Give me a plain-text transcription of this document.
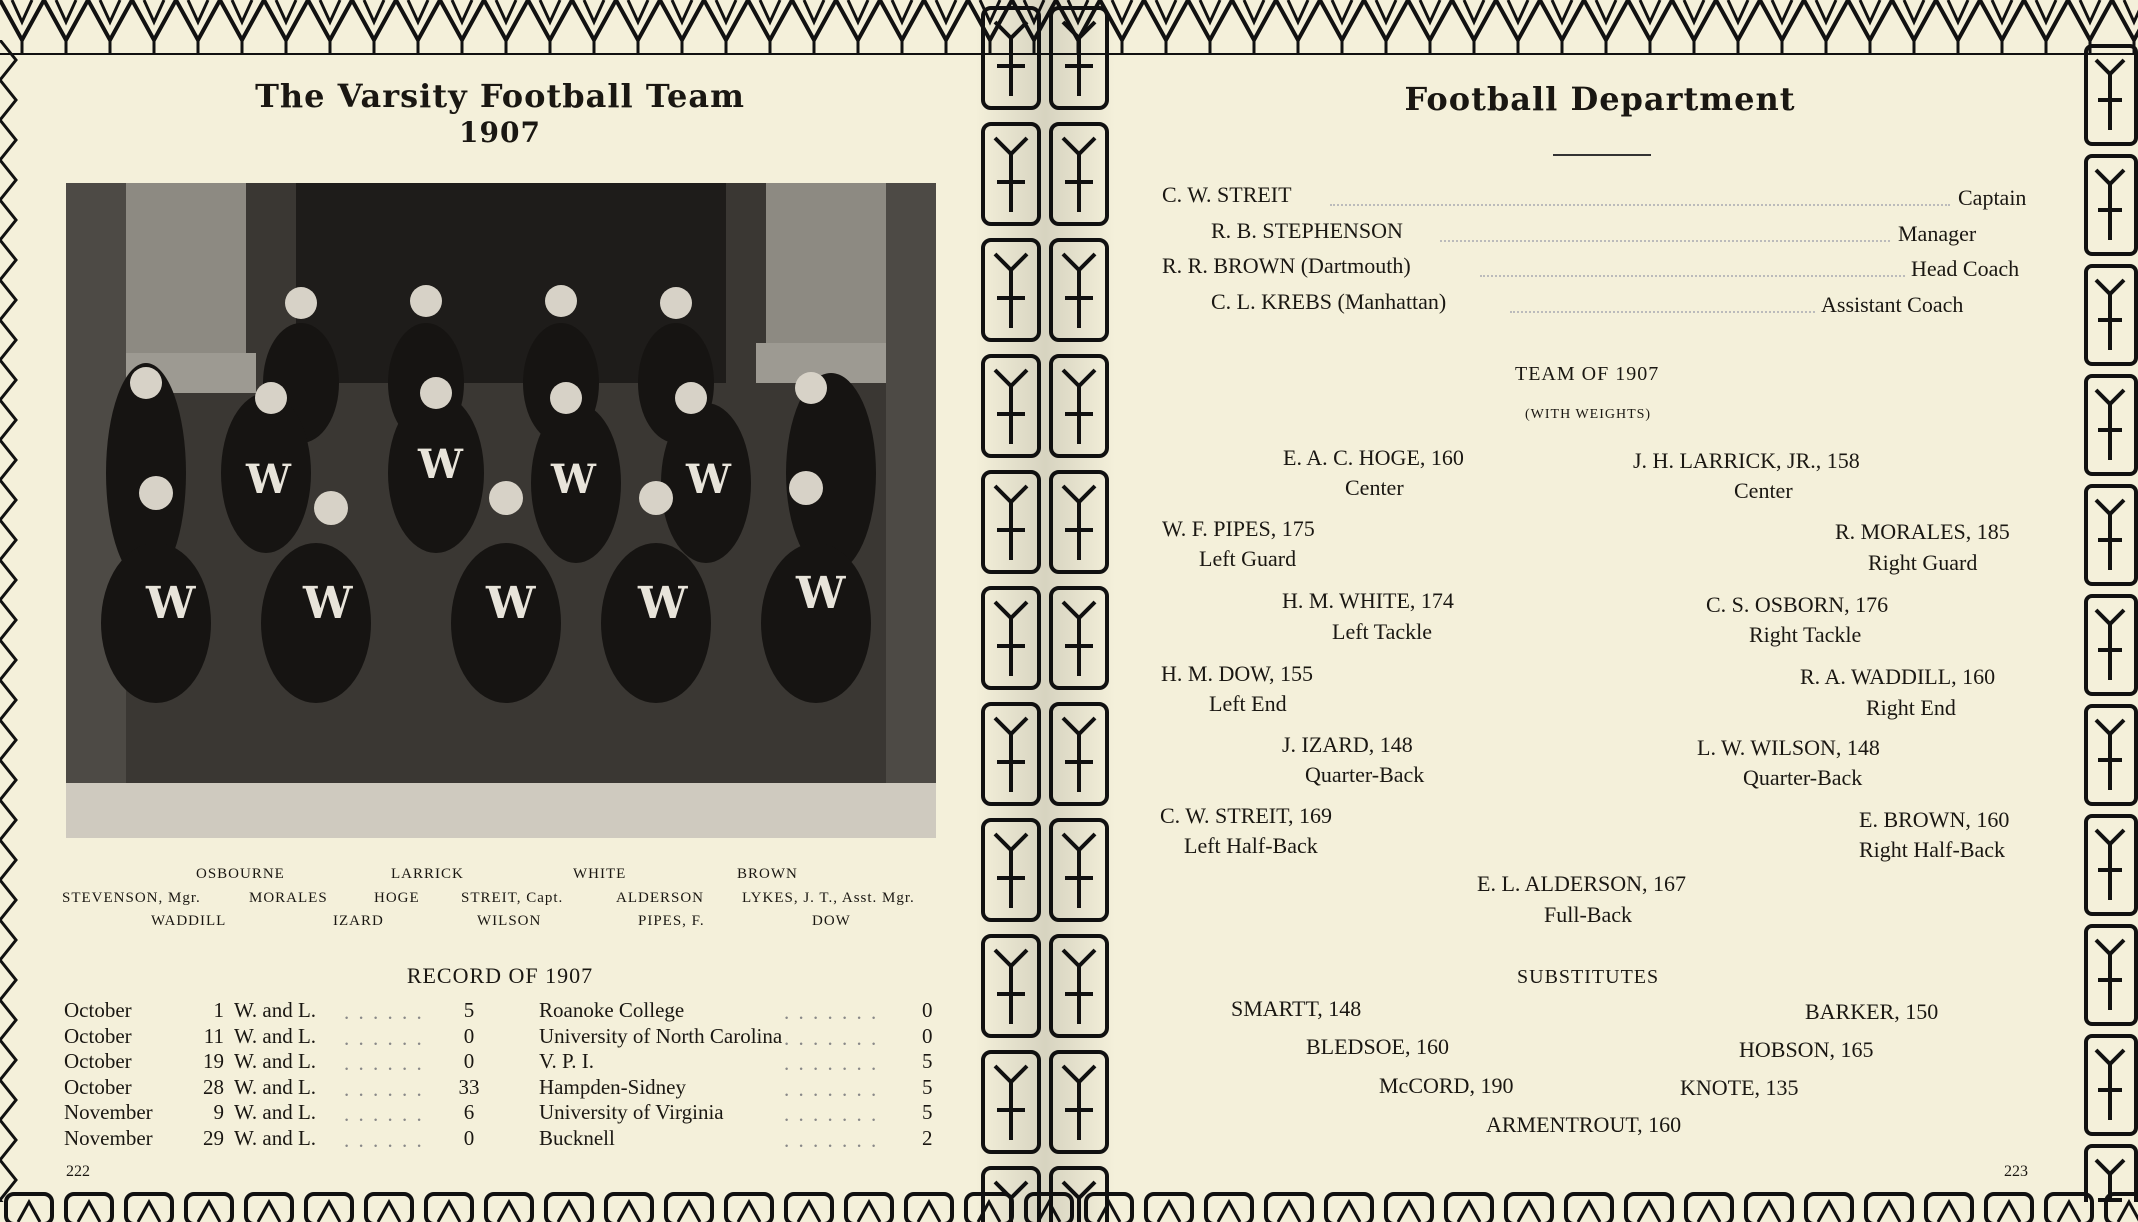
The Varsity Football Team
1907
W W	W W W
W	W W W
OSBOURNE	LARRICK	WHITE	BROWN
STEVENSON, Mgr.	MORALES	HOGE	STREIT, Capt.	ALDERSON	LYKES, J. T., Asst. Mgr.
WADDILL	IZARD	WILSON	PIPES, F.	DOW
RECORD OF 1907
October	1 W. and L.	5	Roanoke College	0
. . . . . .	. . . . . . .
October	11 W. and L.	0	University of North Carolina	0
. . . . . .	. . . . . . .
October	19 W. and L.	0	V. P. I.	5
. . . . . .	. . . . . . .
October	28 W. and L.	33	Hampden-Sidney	5
. . . . . .	. . . . . . .
November	9 W. and L.	6	University of Virginia	5
. . . . . .	. . . . . . .
November	29 W. and L.	0	Bucknell	2
. . . . . .	. . . . . . .
222
Football Department
C. W. STREIT	Captain
R. B. STEPHENSON	Manager
R. R. BROWN (Dartmouth)	Head Coach
C. L. KREBS (Manhattan)	Assistant Coach
TEAM OF 1907
(WITH WEIGHTS)
E. A. C. HOGE, 160
Center
J. H. LARRICK, JR., 158
Center
W. F. PIPES, 175
Left Guard
R. MORALES, 185
Right Guard
H. M. WHITE, 174
Left Tackle
C. S. OSBORN, 176
Right Tackle
H. M. DOW, 155
Left End
R. A. WADDILL, 160
Right End
J. IZARD, 148
Quarter-Back
L. W. WILSON, 148
Quarter-Back
C. W. STREIT, 169
Left Half-Back
E. BROWN, 160
Right Half-Back
E. L. ALDERSON, 167
Full-Back
SUBSTITUTES
SMARTT, 148	BARKER, 150
BLEDSOE, 160	HOBSON, 165
McCORD, 190	KNOTE, 135
ARMENTROUT, 160
223
